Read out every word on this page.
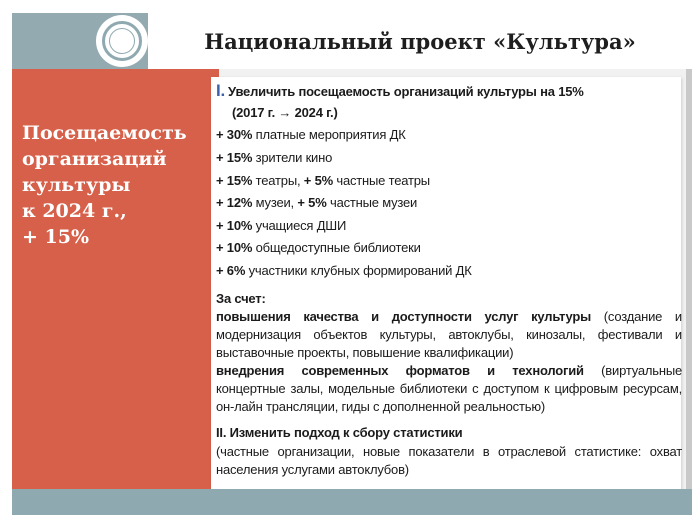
Национальный проект «Культура»
Посещаемость
организаций
культуры
к 2024 г.,
+ 15%
I. Увеличить посещаемость организаций культуры на 15%
(2017 г. → 2024 г.)
+ 30% платные мероприятия ДК
+ 15% зрители кино
+ 15% театры, + 5% частные театры
+ 12% музеи, + 5% частные музеи
+ 10% учащиеся ДШИ
+ 10% общедоступные библиотеки
+ 6% участники клубных формирований ДК
За счет:
повышения качества и доступности услуг культуры (создание и модернизация объектов культуры, автоклубы, кинозалы, фестивали и выставочные проекты, повышение квалификации)
внедрения современных форматов и технологий (виртуальные концертные залы, модельные библиотеки с доступом к цифровым ресурсам, он-лайн трансляции, гиды с дополненной реальностью)
II. Изменить подход к сбору статистики
(частные организации, новые показатели в отраслевой статистике: охват населения услугами автоклубов)
